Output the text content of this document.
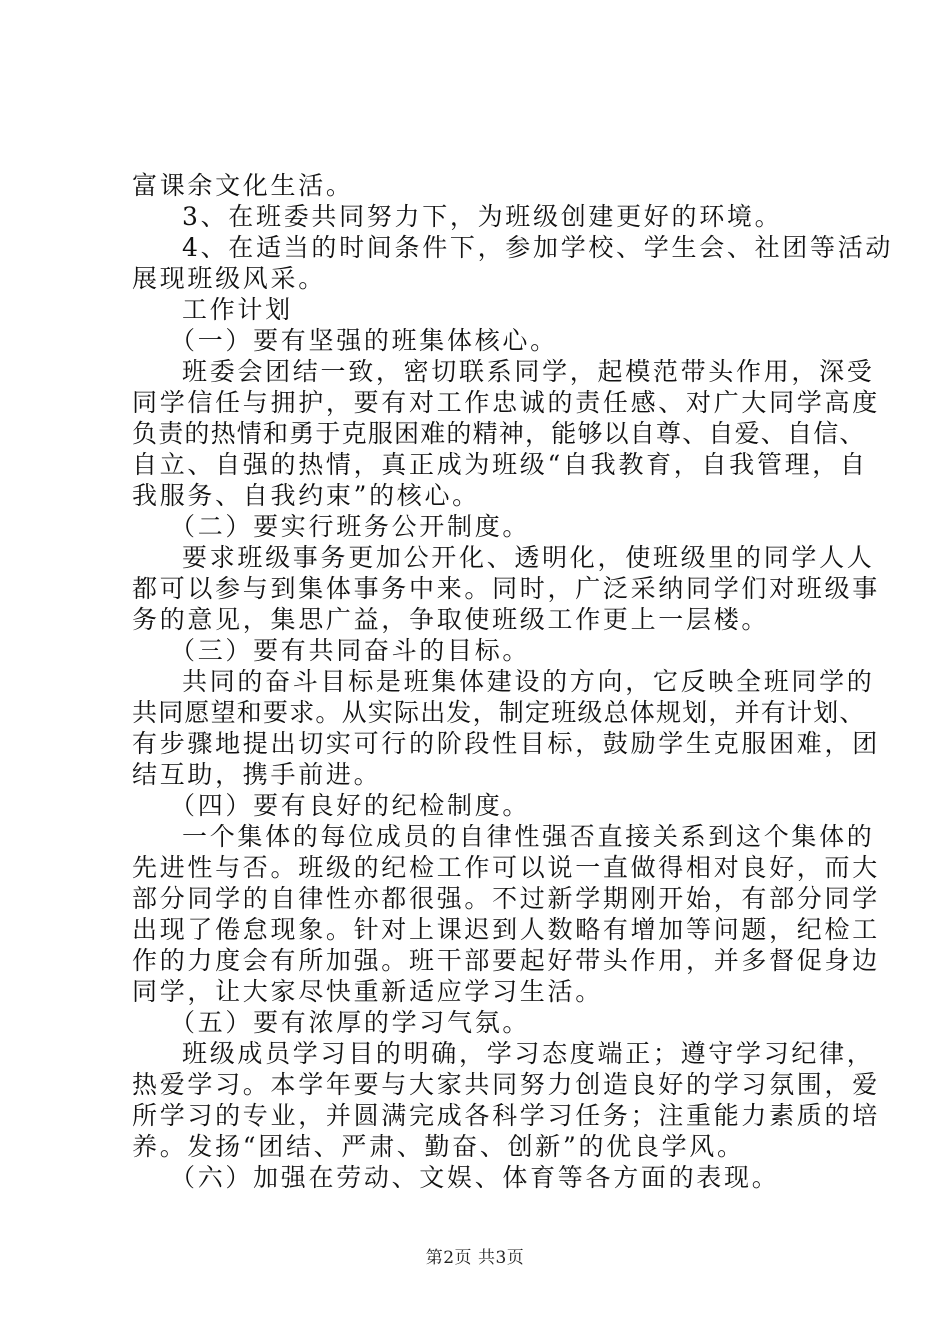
富课余文化生活。
3、在班委共同努力下，为班级创建更好的环境。
4、在适当的时间条件下，参加学校、学生会、社团等活动
展现班级风采。
工作计划
（一）要有坚强的班集体核心。
班委会团结一致，密切联系同学，起模范带头作用，深受
同学信任与拥护，要有对工作忠诚的责任感、对广大同学高度
负责的热情和勇于克服困难的精神，能够以自尊、自爱、自信、
自立、自强的热情，真正成为班级“自我教育，自我管理，自
我服务、自我约束”的核心。
（二）要实行班务公开制度。
要求班级事务更加公开化、透明化，使班级里的同学人人
都可以参与到集体事务中来。同时，广泛采纳同学们对班级事
务的意见，集思广益，争取使班级工作更上一层楼。
（三）要有共同奋斗的目标。
共同的奋斗目标是班集体建设的方向，它反映全班同学的
共同愿望和要求。从实际出发，制定班级总体规划，并有计划、
有步骤地提出切实可行的阶段性目标，鼓励学生克服困难，团
结互助，携手前进。
（四）要有良好的纪检制度。
一个集体的每位成员的自律性强否直接关系到这个集体的
先进性与否。班级的纪检工作可以说一直做得相对良好，而大
部分同学的自律性亦都很强。不过新学期刚开始，有部分同学
出现了倦怠现象。针对上课迟到人数略有增加等问题，纪检工
作的力度会有所加强。班干部要起好带头作用，并多督促身边
同学，让大家尽快重新适应学习生活。
（五）要有浓厚的学习气氛。
班级成员学习目的明确，学习态度端正；遵守学习纪律，
热爱学习。本学年要与大家共同努力创造良好的学习氛围，爱
所学习的专业，并圆满完成各科学习任务；注重能力素质的培
养。发扬“团结、严肃、勤奋、创新”的优良学风。
（六）加强在劳动、文娱、体育等各方面的表现。
第2页 共3页
